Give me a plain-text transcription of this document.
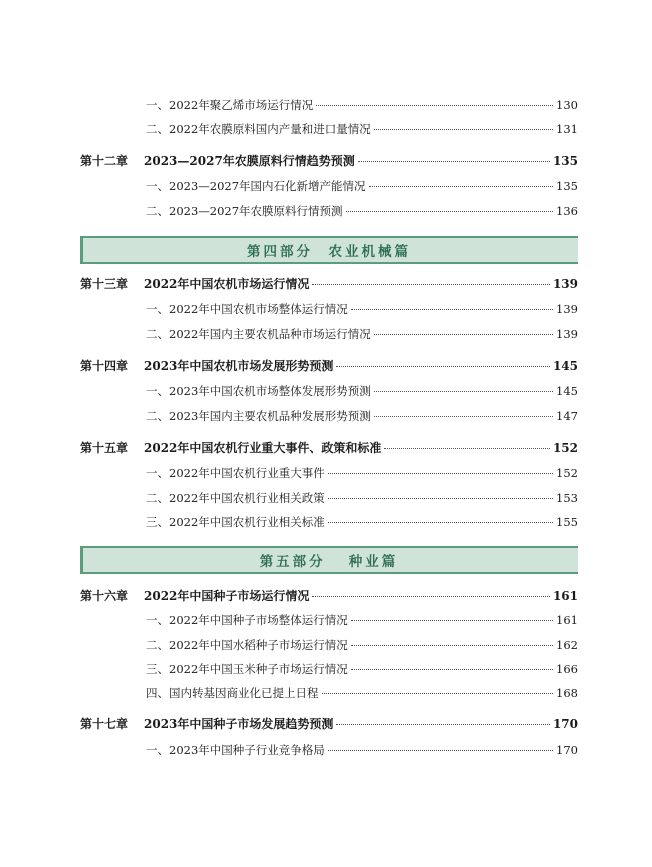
一、 2022年聚乙烯市场运行情况	130
二、 2022年农膜原料国内产量和进口量情况	131
第十二章	2023—2027年农膜原料行情趋势预测	135
一、 2023—2027年国内石化新增产能情况	135
二、 2023—2027年农膜原料行情预测	136
第四部分  农业机械篇
第十三章	2022年中国农机市场运行情况	139
一、 2022年中国农机市场整体运行情况	139
二、 2022年国内主要农机品种市场运行情况	139
第十四章	2023年中国农机市场发展形势预测	145
一、 2023年中国农机市场整体发展形势预测	145
二、 2023年国内主要农机品种发展形势预测	147
第十五章	2022年中国农机行业重大事件、政策和标准	152
一、 2022年中国农机行业重大事件	152
二、 2022年中国农机行业相关政策	153
三、 2022年中国农机行业相关标准	155
第五部分   种业篇
第十六章	2022年中国种子市场运行情况	161
一、 2022年中国种子市场整体运行情况	161
二、 2022年中国水稻种子市场运行情况	162
三、 2022年中国玉米种子市场运行情况	166
四、 国内转基因商业化已提上日程	168
第十七章	2023年中国种子市场发展趋势预测	170
一、 2023年中国种子行业竞争格局	170
